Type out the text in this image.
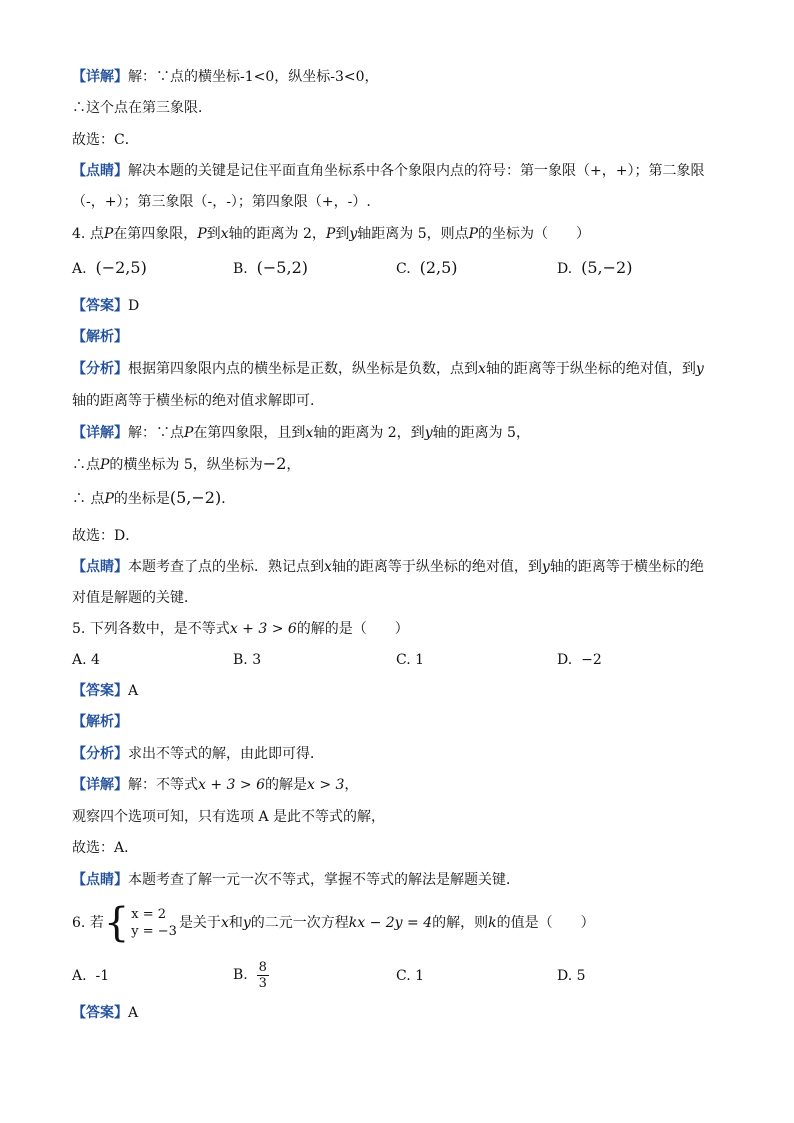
【详解】解：∵点的横坐标-1<0，纵坐标-3<0，
∴这个点在第三象限．
故选：C．
【点睛】解决本题的关键是记住平面直角坐标系中各个象限内点的符号：第一象限（+，+）；第二象限
（-，+）；第三象限（-，-）；第四象限（+，-）.
4. 点P在第四象限，P到x轴的距离为 2，P到y轴距离为 5，则点P的坐标为（　　）
A. (−2,5)	B. (−5,2)	C. (2,5)	D. (5,−2)
【答案】D
【解析】
【分析】根据第四象限内点的横坐标是正数，纵坐标是负数，点到x轴的距离等于纵坐标的绝对值，到y
轴的距离等于横坐标的绝对值求解即可.
【详解】解：∵点P在第四象限，且到x轴的距离为 2，到y轴的距离为 5，
∴点P的横坐标为 5，纵坐标为−2，
∴ 点P的坐标是(5,−2)．
故选：D．
【点睛】本题考查了点的坐标．熟记点到x轴的距离等于纵坐标的绝对值，到y轴的距离等于横坐标的绝
对值是解题的关键．
5. 下列各数中，是不等式x + 3 > 6的解的是（　　）
A. 4	B. 3	C. 1	D. −2
【答案】A
【解析】
【分析】求出不等式的解，由此即可得．
【详解】解：不等式x + 3 > 6的解是x > 3，
观察四个选项可知，只有选项 A 是此不等式的解，
故选：A．
【点睛】本题考查了解一元一次不等式，掌握不等式的解法是解题关键．
6. 若{ x = 2
y = −3
是关于x和y的二元一次方程kx − 2y = 4的解，则k的值是（　　）
A. -1	B. $\frac{8}{3}$	C. 1	D. 5
【答案】A
